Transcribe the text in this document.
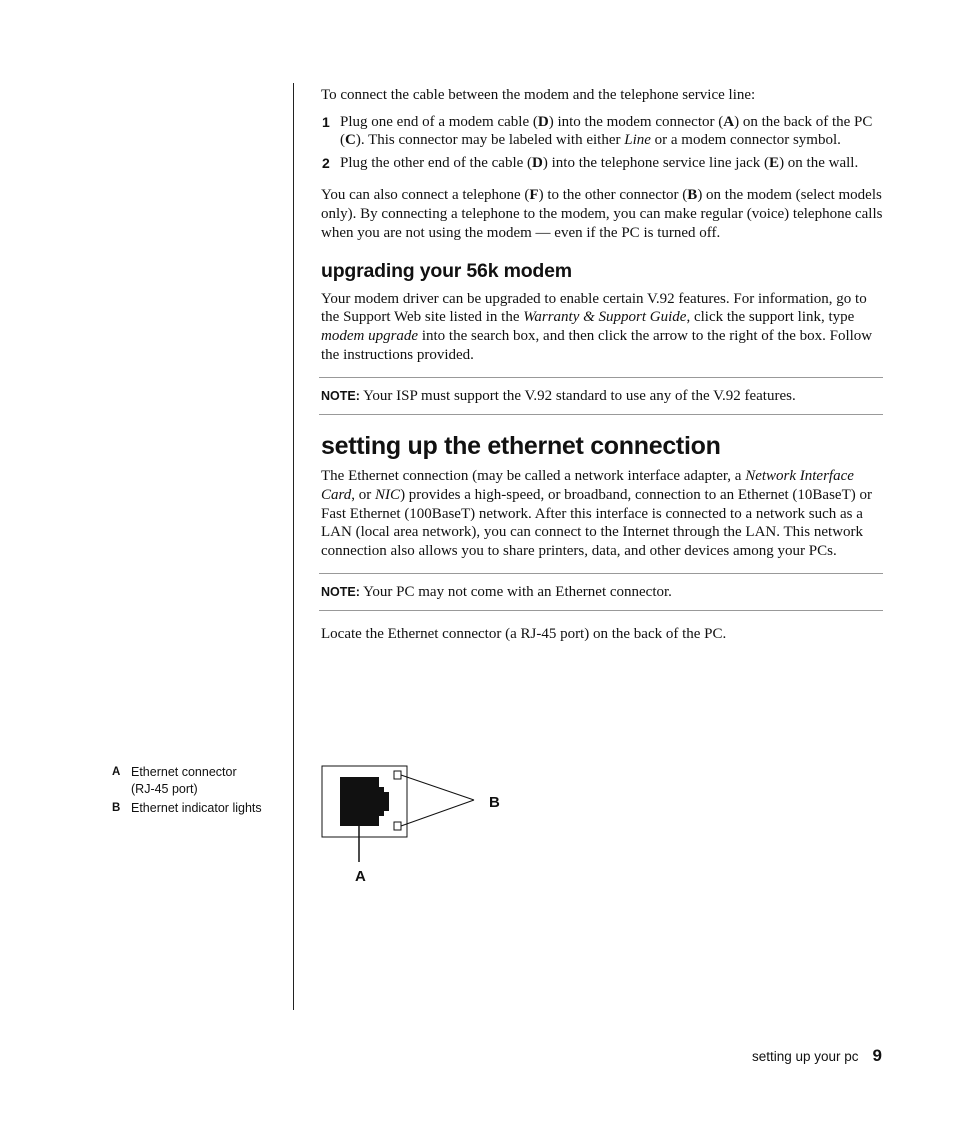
To connect the cable between the modem and the telephone service line:

1 Plug one end of a modem cable (D) into the modem connector (A) on the back of the PC (C). This connector may be labeled with either Line or a modem connector symbol.
2 Plug the other end of the cable (D) into the telephone service line jack (E) on the wall.

You can also connect a telephone (F) to the other connector (B) on the modem (select models only). By connecting a telephone to the modem, you can make regular (voice) telephone calls when you are not using the modem — even if the PC is turned off.

upgrading your 56k modem

Your modem driver can be upgraded to enable certain V.92 features. For information, go to the Support Web site listed in the Warranty & Support Guide, click the support link, type modem upgrade into the search box, and then click the arrow to the right of the box. Follow the instructions provided.

NOTE: Your ISP must support the V.92 standard to use any of the V.92 features.
setting up the ethernet connection

The Ethernet connection (may be called a network interface adapter, a Network Interface Card, or NIC) provides a high-speed, or broadband, connection to an Ethernet (10BaseT) or Fast Ethernet (100BaseT) network. After this interface is connected to a network such as a LAN (local area network), you can connect to the Internet through the LAN. This network connection also allows you to share printers, data, and other devices among your PCs.

NOTE: Your PC may not come with an Ethernet connector.

Locate the Ethernet connector (a RJ-45 port) on the back of the PC.

A Ethernet connector (RJ-45 port)
B Ethernet indicator lights	B
A
setting up your pc 9
